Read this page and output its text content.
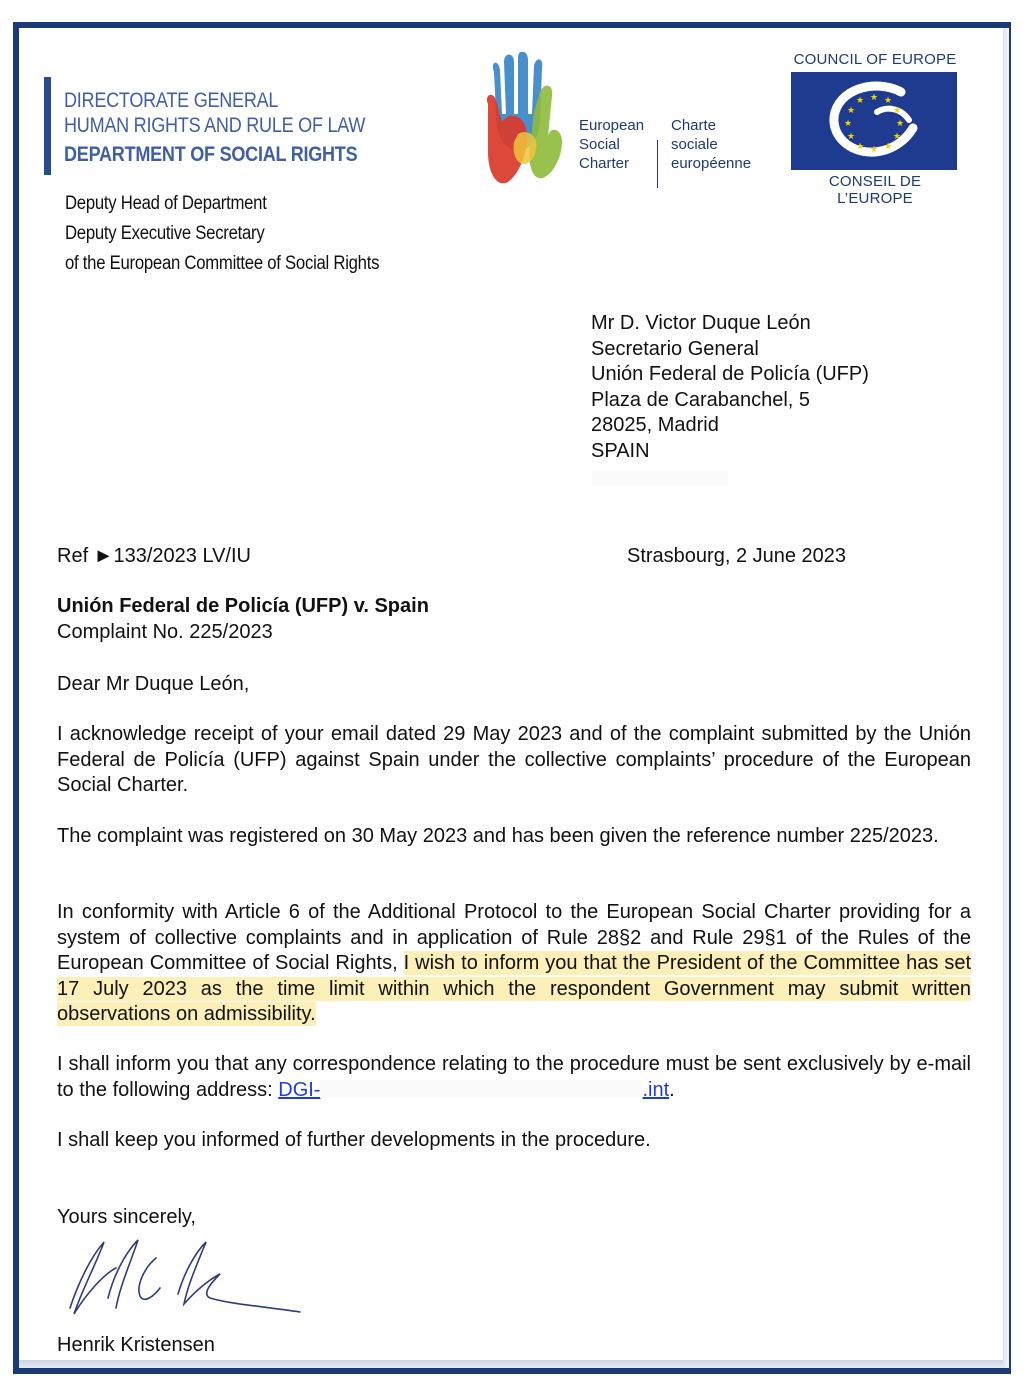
DIRECTORATE GENERAL
HUMAN RIGHTS AND RULE OF LAW
DEPARTMENT OF SOCIAL RIGHTS
Deputy Head of Department
Deputy Executive Secretary
of the European Committee of Social Rights
European
Social
Charter
Charte
sociale
européenne
COUNCIL OF EUROPE
★ ★
★
★
★
★
★
★
★
★
★
★
CONSEIL DE L’EUROPE
Mr D. Victor Duque León
Secretario General
Unión Federal de Policía (UFP)
Plaza de Carabanchel, 5
28025, Madrid
SPAIN
Ref ►133/2023 LV/IU	Strasbourg, 2 June 2023
Unión Federal de Policía (UFP) v. Spain
Complaint No. 225/2023
Dear Mr Duque León,
I acknowledge receipt of your email dated 29 May 2023 and of the complaint submitted by the Unión Federal de Policía (UFP) against Spain under the collective complaints’ procedure of the European Social Charter.
The complaint was registered on 30 May 2023 and has been given the reference number 225/2023.
In conformity with Article 6 of the Additional Protocol to the European Social Charter providing for a system of collective complaints and in application of Rule 28§2 and Rule 29§1 of the Rules of the European Committee of Social Rights, I wish to inform you that the President of the Committee has set 17 July 2023 as the time limit within which the respondent Government may submit written observations on admissibility.
I shall inform you that any correspondence relating to the procedure must be sent exclusively by e-mail to the following address: DGI-	.int.
I shall keep you informed of further developments in the procedure.
Yours sincerely,
Henrik Kristensen
